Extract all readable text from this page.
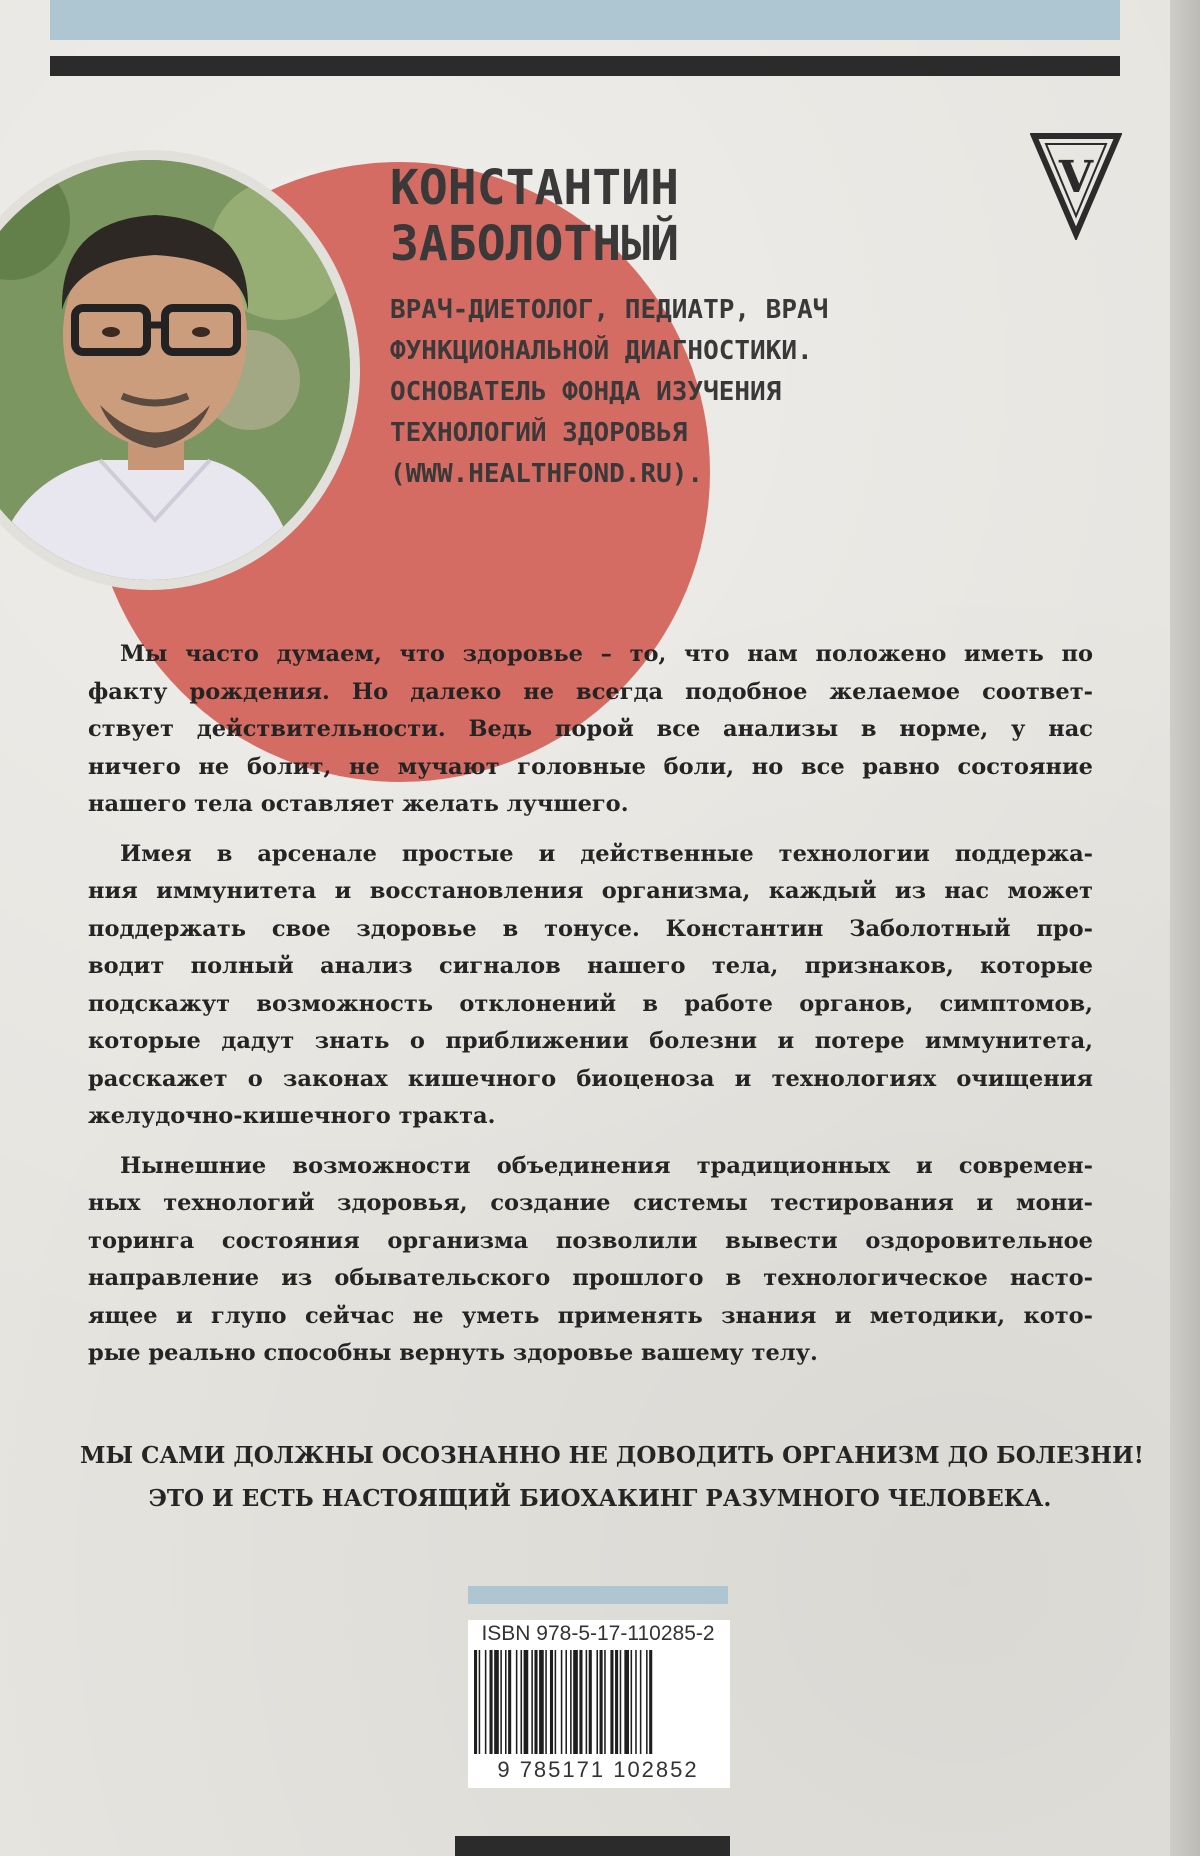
V
КОНСТАНТИН
ЗАБОЛОТНЫЙ
ВРАЧ-ДИЕТОЛОГ, ПЕДИАТР, ВРАЧ
ФУНКЦИОНАЛЬНОЙ ДИАГНОСТИКИ.
ОСНОВАТЕЛЬ ФОНДА ИЗУЧЕНИЯ
ТЕХНОЛОГИЙ ЗДОРОВЬЯ
(WWW.HEALTHFOND.RU).

Мы часто думаем, что здоровье – то, что нам положено иметь по
факту рождения. Но далеко не всегда подобное желаемое соответ-
ствует действительности. Ведь порой все анализы в норме, у нас
ничего не болит, не мучают головные боли, но все равно состояние
нашего тела оставляет желать лучшего.

Имея в арсенале простые и действенные технологии поддержа-
ния иммунитета и восстановления организма, каждый из нас может
поддержать свое здоровье в тонусе. Константин Заболотный про-
водит полный анализ сигналов нашего тела, признаков, которые
подскажут возможность отклонений в работе органов, симптомов,
которые дадут знать о приближении болезни и потере иммунитета,
расскажет о законах кишечного биоценоза и технологиях очищения
желудочно-кишечного тракта.

Нынешние возможности объединения традиционных и современ-
ных технологий здоровья, создание системы тестирования и мони-
торинга состояния организма позволили вывести оздоровительное
направление из обывательского прошлого в технологическое насто-
ящее и глупо сейчас не уметь применять знания и методики, кото-
рые реально способны вернуть здоровье вашему телу.

МЫ САМИ ДОЛЖНЫ ОСОЗНАННО НЕ ДОВОДИТЬ ОРГАНИЗМ ДО БОЛЕЗНИ!
ЭТО И ЕСТЬ НАСТОЯЩИЙ БИОХАКИНГ РАЗУМНОГО ЧЕЛОВЕКА.

ISBN 978-5-17-110285-2

9 785171 102852
